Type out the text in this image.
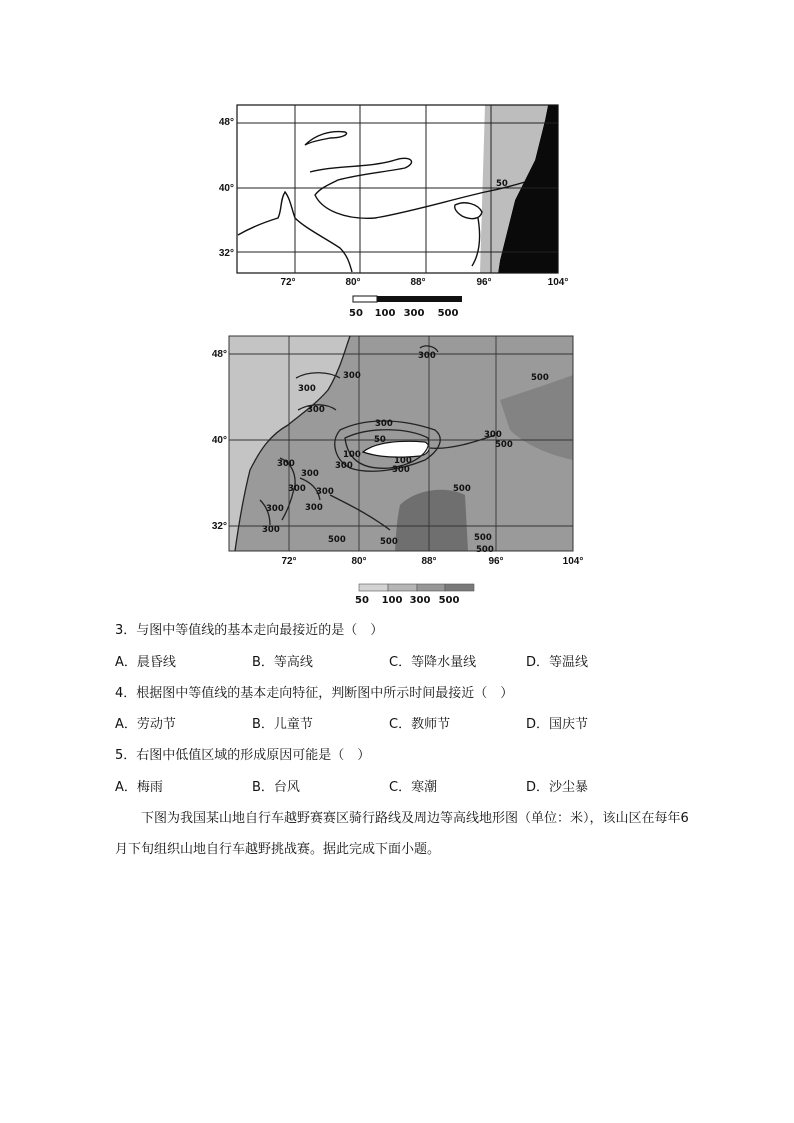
48°
40°
32°
72°	80°	88°	96°	104°
50
50 100 300 500
48°
40°
32°
72°	80°	88°	96°	104°
300
500
300
300
300
50
100
100
300
300	300
300
500
300
300
300 300
300	300
500
500
300
500	500
500
50 100 300 500
3．与图中等值线的基本走向最接近的是（　）
A．晨昏线	B．等高线	C．等降水量线	D．等温线
4．根据图中等值线的基本走向特征，判断图中所示时间最接近（　）
A．劳动节	B．儿童节	C．教师节	D．国庆节
5．右图中低值区域的形成原因可能是（　）
A．梅雨	B．台风	C．寒潮	D．沙尘暴
下图为我国某山地自行车越野赛赛区骑行路线及周边等高线地形图（单位：米），该山区在每年6月下旬组织山地自行车越野挑战赛。据此完成下面小题。
